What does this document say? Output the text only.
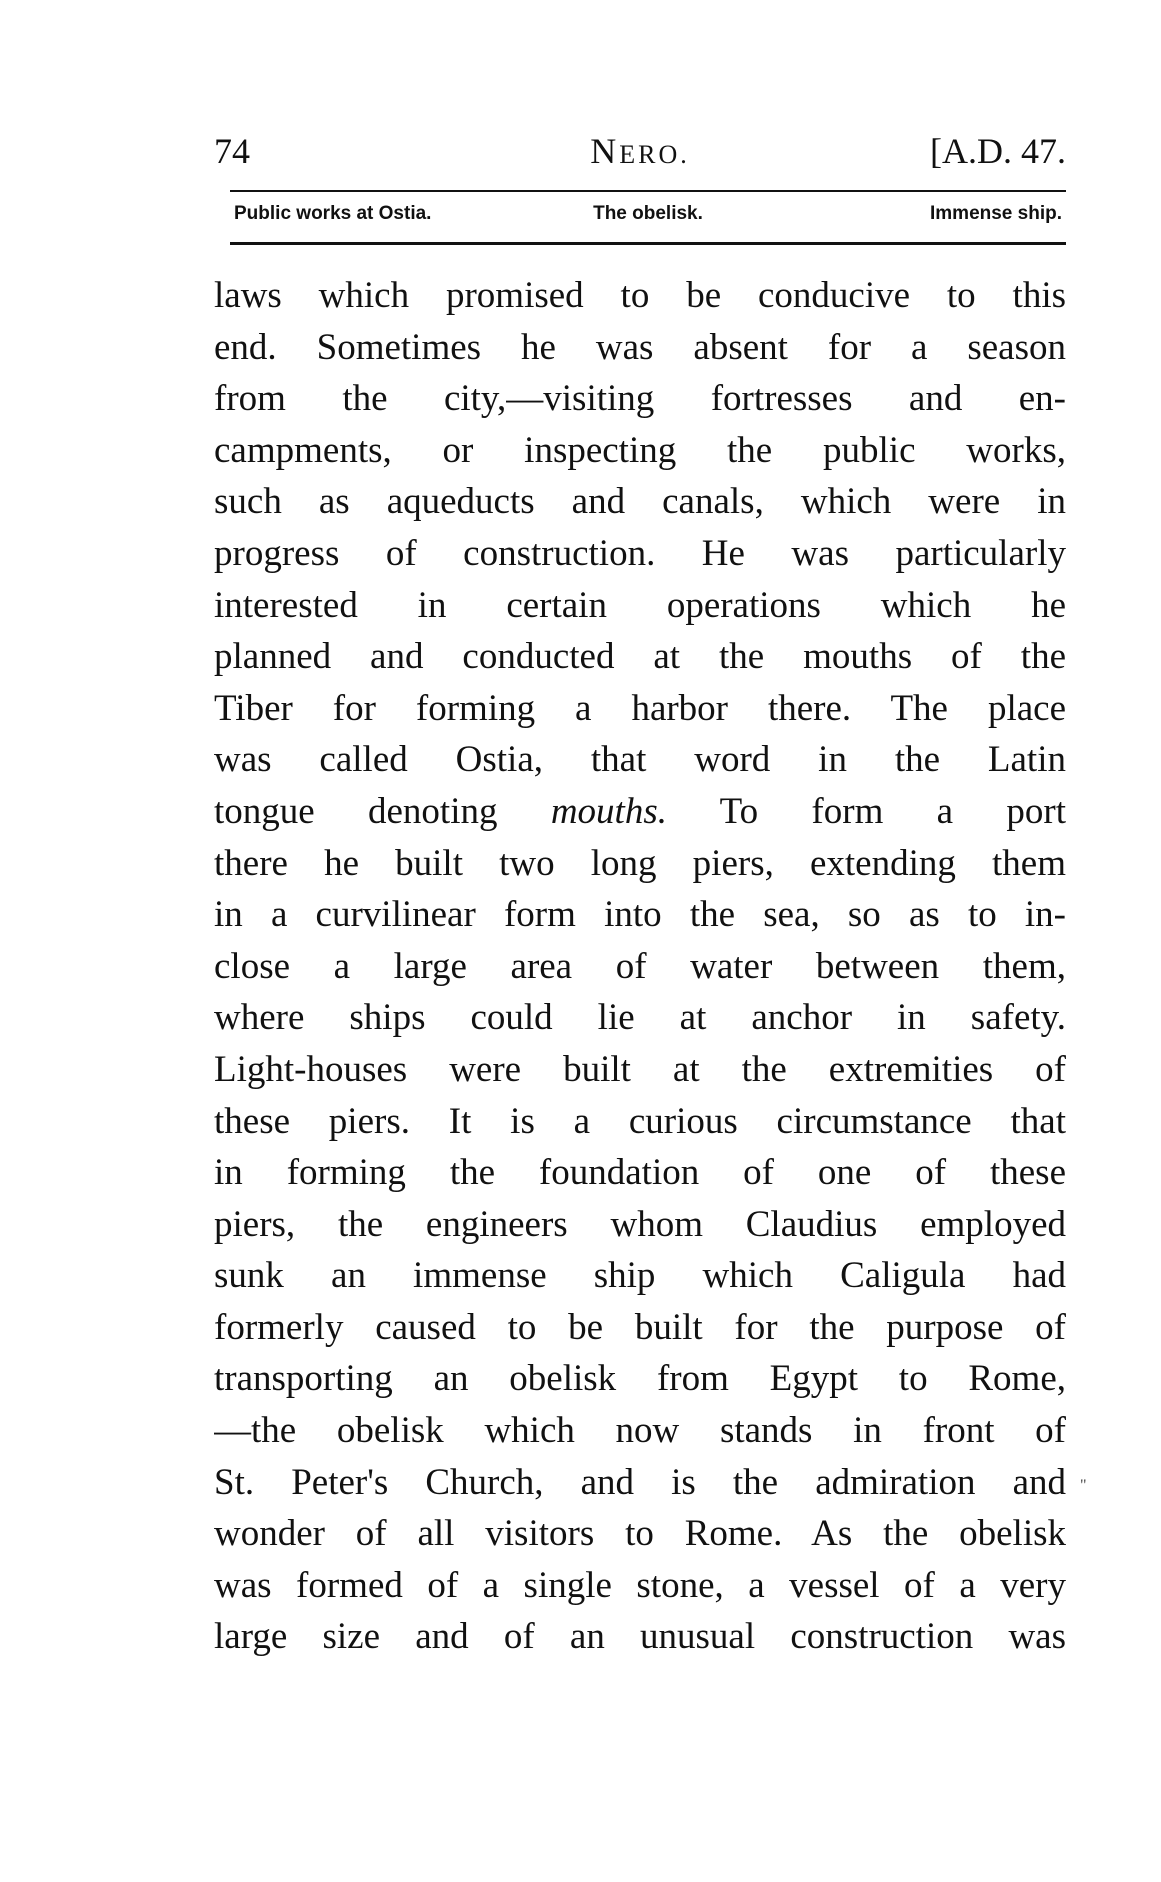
74	NERO.	[A.D. 47.
Public works at Ostia.	The obelisk.	Immense ship.
laws which promised to be conducive to this
end. Sometimes he was absent for a season
from the city,—visiting fortresses and en-
campments, or inspecting the public works,
such as aqueducts and canals, which were in
progress of construction. He was particularly
interested in certain operations which he
planned and conducted at the mouths of the
Tiber for forming a harbor there. The place
was called Ostia, that word in the Latin
tongue denoting mouths. To form a port
there he built two long piers, extending them
in a curvilinear form into the sea, so as to in-
close a large area of water between them,
where ships could lie at anchor in safety.
Light-houses were built at the extremities of
these piers. It is a curious circumstance that
in forming the foundation of one of these
piers, the engineers whom Claudius employed
sunk an immense ship which Caligula had
formerly caused to be built for the purpose of
transporting an obelisk from Egypt to Rome,
—the obelisk which now stands in front of
St. Peter's Church, and is the admiration and
wonder of all visitors to Rome. As the obelisk
was formed of a single stone, a vessel of a very
large size and of an unusual construction was
"
